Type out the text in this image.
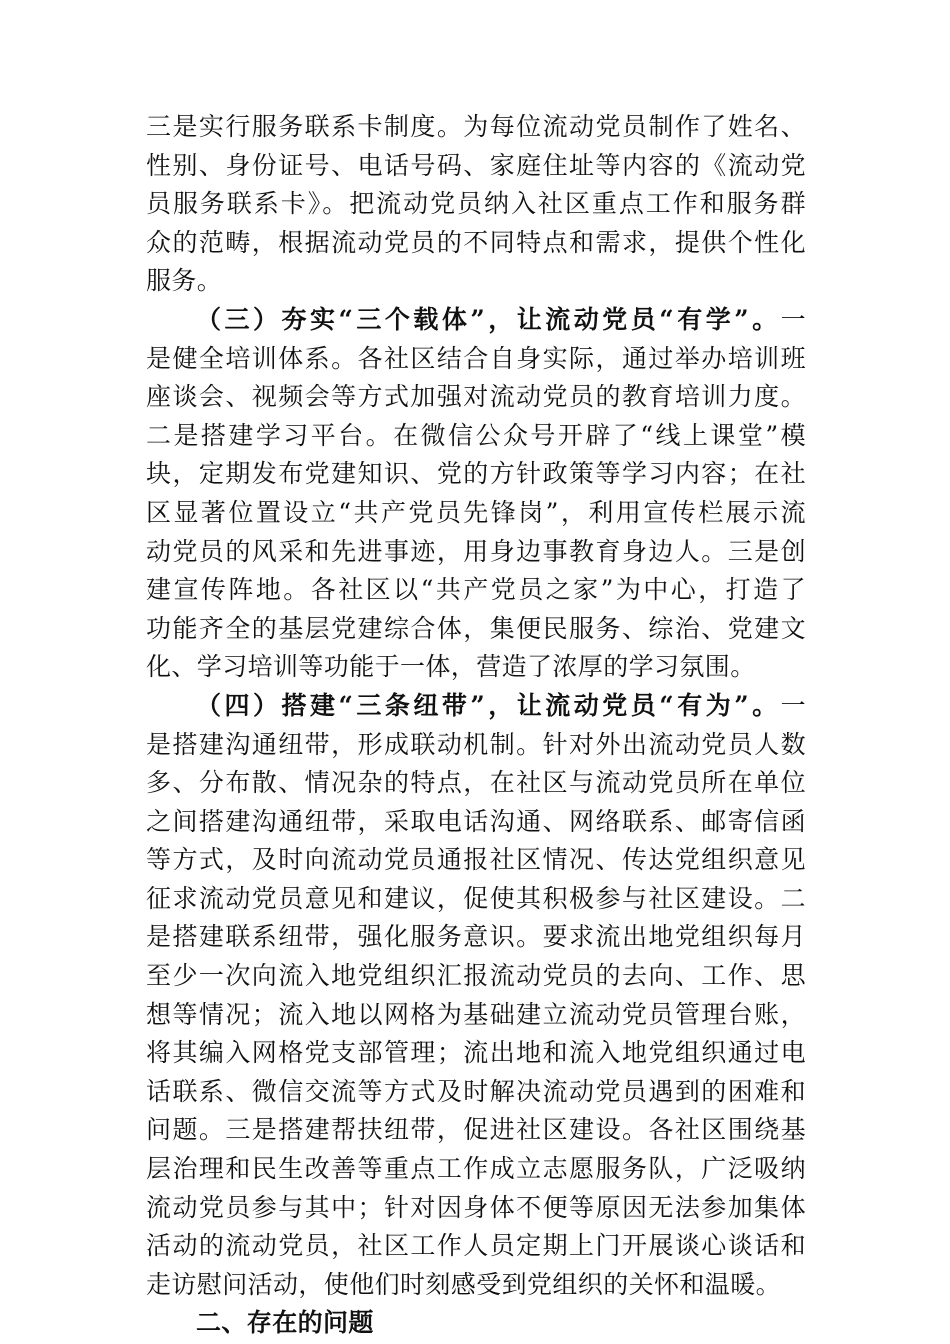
三是实行服务联系卡制度。为每位流动党员制作了姓名、
性别、身份证号、电话号码、家庭住址等内容的《流动党
员服务联系卡》。把流动党员纳入社区重点工作和服务群
众的范畴，根据流动党员的不同特点和需求，提供个性化
服务。
（三）夯实“三个载体”，让流动党员“有学”。一
是健全培训体系。各社区结合自身实际，通过举办培训班
座谈会、视频会等方式加强对流动党员的教育培训力度。
二是搭建学习平台。在微信公众号开辟了“线上课堂”模
块，定期发布党建知识、党的方针政策等学习内容；在社
区显著位置设立“共产党员先锋岗”，利用宣传栏展示流
动党员的风采和先进事迹，用身边事教育身边人。三是创
建宣传阵地。各社区以“共产党员之家”为中心，打造了
功能齐全的基层党建综合体，集便民服务、综治、党建文
化、学习培训等功能于一体，营造了浓厚的学习氛围。
（四）搭建“三条纽带”，让流动党员“有为”。一
是搭建沟通纽带，形成联动机制。针对外出流动党员人数
多、分布散、情况杂的特点，在社区与流动党员所在单位
之间搭建沟通纽带，采取电话沟通、网络联系、邮寄信函
等方式，及时向流动党员通报社区情况、传达党组织意见
征求流动党员意见和建议，促使其积极参与社区建设。二
是搭建联系纽带，强化服务意识。要求流出地党组织每月
至少一次向流入地党组织汇报流动党员的去向、工作、思
想等情况；流入地以网格为基础建立流动党员管理台账，
将其编入网格党支部管理；流出地和流入地党组织通过电
话联系、微信交流等方式及时解决流动党员遇到的困难和
问题。三是搭建帮扶纽带，促进社区建设。各社区围绕基
层治理和民生改善等重点工作成立志愿服务队，广泛吸纳
流动党员参与其中；针对因身体不便等原因无法参加集体
活动的流动党员，社区工作人员定期上门开展谈心谈话和
走访慰问活动，使他们时刻感受到党组织的关怀和温暖。
二、存在的问题
